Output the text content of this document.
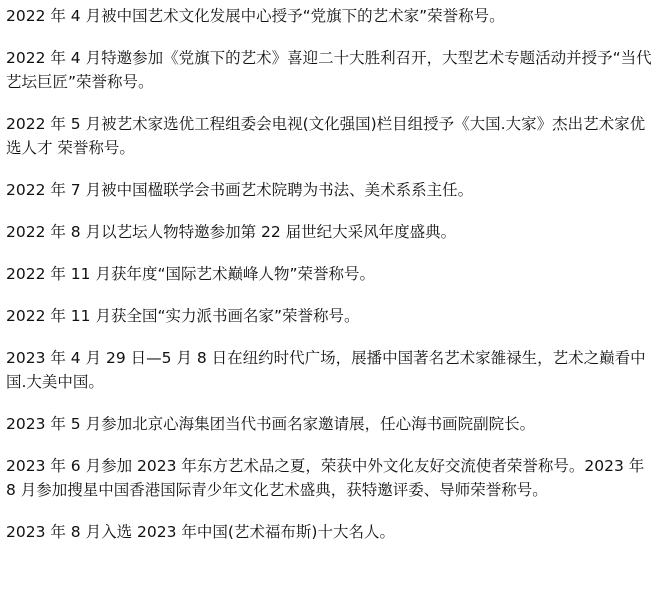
2022 年 4 月被中国艺术文化发展中心授予“党旗下的艺术家”荣誉称号。

2022 年 4 月特邀参加《党旗下的艺术》喜迎二十大胜利召开，大型艺术专题活动并授予“当代艺坛巨匠”荣誉称号。

2022 年 5 月被艺术家选优工程组委会电视(文化强国)栏目组授予《大国.大家》杰出艺术家优选人才 荣誉称号。

2022 年 7 月被中国楹联学会书画艺术院聘为书法、美术系系主任。

2022 年 8 月以艺坛人物特邀参加第 22 届世纪大采风年度盛典。

2022 年 11 月获年度“国际艺术巅峰人物”荣誉称号。

2022 年 11 月获全国“实力派书画名家”荣誉称号。

2023 年 4 月 29 日—5 月 8 日在纽约时代广场，展播中国著名艺术家雒禄生，艺术之巅看中国.大美中国。

2023 年 5 月参加北京心海集团当代书画名家邀请展，任心海书画院副院长。

2023 年 6 月参加 2023 年东方艺术品之夏，荣获中外文化友好交流使者荣誉称号。2023 年 8 月参加搜星中国香港国际青少年文化艺术盛典，获特邀评委、导师荣誉称号。

2023 年 8 月入选 2023 年中国(艺术福布斯)十大名人。
